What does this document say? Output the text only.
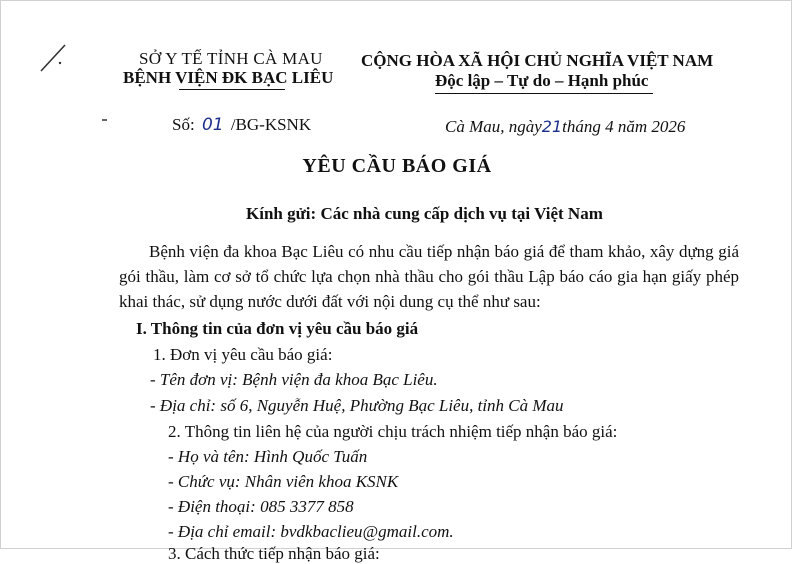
SỞ Y TẾ TỈNH CÀ MAU
BỆNH VIỆN ĐK BẠC LIÊU
CỘNG HÒA XÃ HỘI CHỦ NGHĨA VIỆT NAM
Độc lập – Tự do – Hạnh phúc
Số: 01 /BG-KSNK	Cà Mau, ngày21tháng 4 năm 2026
YÊU CẦU BÁO GIÁ
Kính gửi: Các nhà cung cấp dịch vụ tại Việt Nam
Bệnh viện đa khoa Bạc Liêu có nhu cầu tiếp nhận báo giá để tham khảo, xây dựng giá gói thầu, làm cơ sở tổ chức lựa chọn nhà thầu cho gói thầu Lập báo cáo gia hạn giấy phép khai thác, sử dụng nước dưới đất với nội dung cụ thể như sau:
I. Thông tin của đơn vị yêu cầu báo giá
1. Đơn vị yêu cầu báo giá:
- Tên đơn vị: Bệnh viện đa khoa Bạc Liêu.
- Địa chỉ: số 6, Nguyễn Huệ, Phường Bạc Liêu, tỉnh Cà Mau
2. Thông tin liên hệ của người chịu trách nhiệm tiếp nhận báo giá:
- Họ và tên: Hình Quốc Tuấn
- Chức vụ: Nhân viên khoa KSNK
- Điện thoại: 085 3377 858
- Địa chỉ email: bvdkbaclieu@gmail.com.
3. Cách thức tiếp nhận báo giá:
